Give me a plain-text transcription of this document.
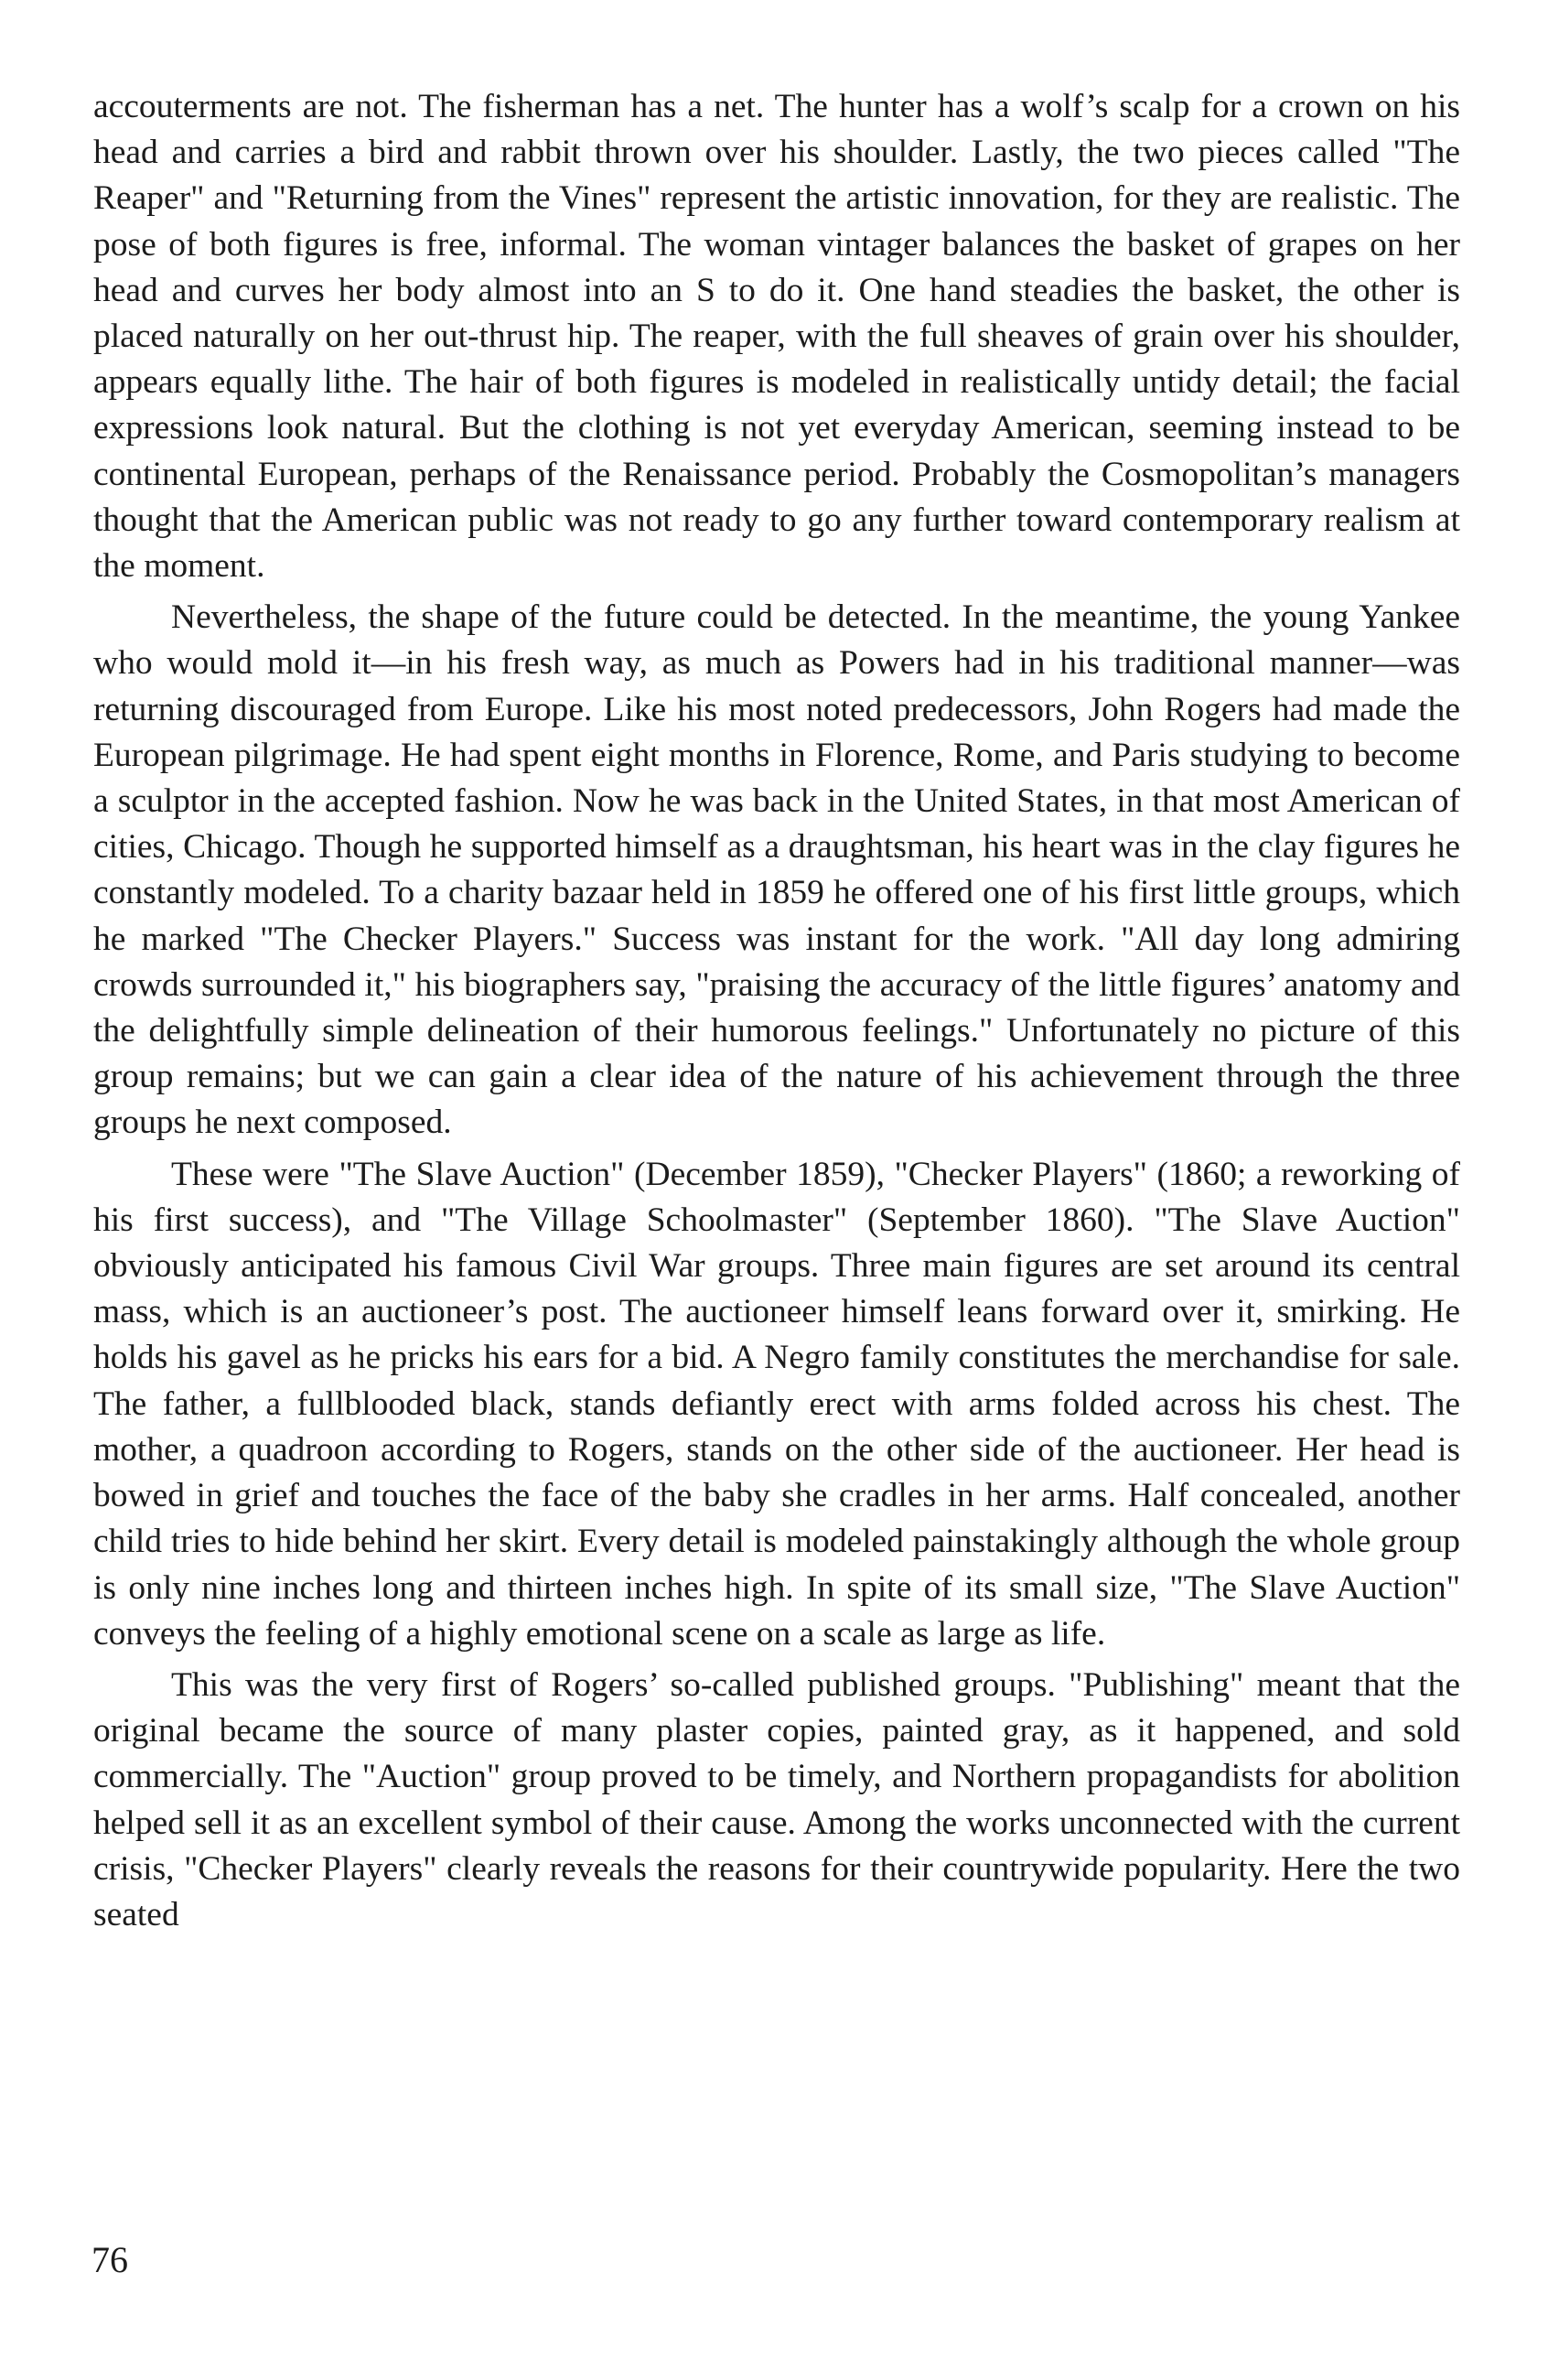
accouterments are not. The fisherman has a net. The hunter has a wolf’s scalp for a crown on his head and carries a bird and rabbit thrown over his shoulder. Lastly, the two pieces called "The Reaper" and "Returning from the Vines" represent the artistic innovation, for they are realistic. The pose of both figures is free, informal. The woman vintager balances the basket of grapes on her head and curves her body almost into an S to do it. One hand steadies the basket, the other is placed naturally on her out-thrust hip. The reaper, with the full sheaves of grain over his shoulder, appears equally lithe. The hair of both figures is modeled in realistically untidy detail; the facial expressions look natural. But the clothing is not yet everyday American, seeming instead to be continental European, perhaps of the Renaissance period. Probably the Cosmopolitan’s managers thought that the American public was not ready to go any further toward contemporary realism at the moment.

Nevertheless, the shape of the future could be detected. In the meantime, the young Yankee who would mold it—in his fresh way, as much as Powers had in his traditional manner—was returning discouraged from Europe. Like his most noted predecessors, John Rogers had made the European pilgrimage. He had spent eight months in Florence, Rome, and Paris studying to become a sculptor in the accepted fashion. Now he was back in the United States, in that most American of cities, Chicago. Though he supported himself as a draughtsman, his heart was in the clay figures he constantly modeled. To a charity bazaar held in 1859 he offered one of his first little groups, which he marked "The Checker Players." Success was instant for the work. "All day long admiring crowds surrounded it," his biographers say, "praising the accuracy of the little figures’ anatomy and the delightfully simple delineation of their humorous feelings." Unfortunately no picture of this group remains; but we can gain a clear idea of the nature of his achievement through the three groups he next composed.

These were "The Slave Auction" (December 1859), "Checker Players" (1860; a reworking of his first success), and "The Village Schoolmaster" (September 1860). "The Slave Auction" obviously anticipated his famous Civil War groups. Three main figures are set around its central mass, which is an auctioneer’s post. The auctioneer himself leans forward over it, smirking. He holds his gavel as he pricks his ears for a bid. A Negro family constitutes the merchandise for sale. The father, a fullblooded black, stands defiantly erect with arms folded across his chest. The mother, a quadroon according to Rogers, stands on the other side of the auctioneer. Her head is bowed in grief and touches the face of the baby she cradles in her arms. Half concealed, another child tries to hide behind her skirt. Every detail is modeled painstakingly although the whole group is only nine inches long and thirteen inches high. In spite of its small size, "The Slave Auction" conveys the feeling of a highly emotional scene on a scale as large as life.

This was the very first of Rogers’ so-called published groups. "Publishing" meant that the original became the source of many plaster copies, painted gray, as it happened, and sold commercially. The "Auction" group proved to be timely, and Northern propagandists for abolition helped sell it as an excellent symbol of their cause. Among the works unconnected with the current crisis, "Checker Players" clearly reveals the reasons for their countrywide popularity. Here the two seated

76
